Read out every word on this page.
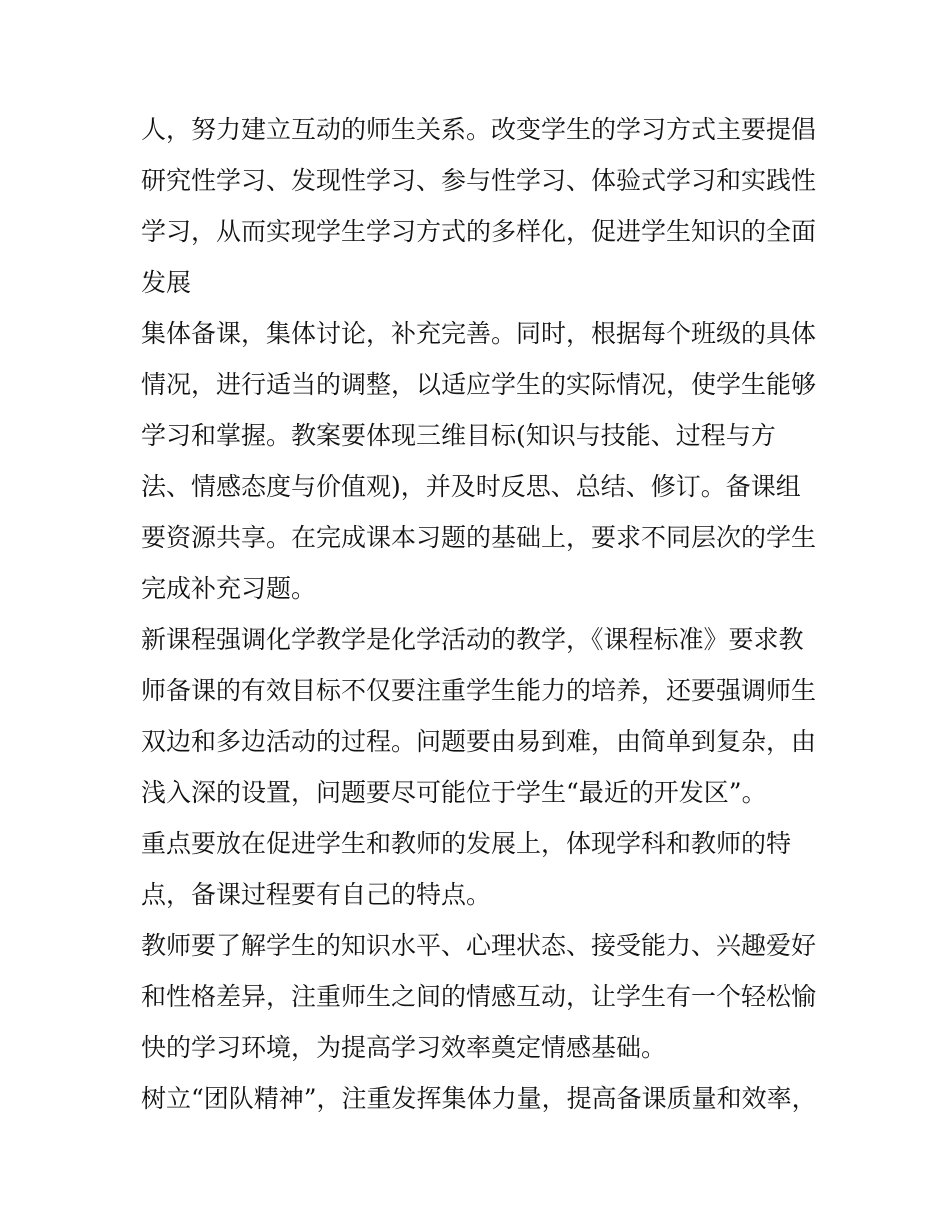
人，努力建立互动的师生关系。改变学生的学习方式主要提倡
研究性学习、发现性学习、参与性学习、体验式学习和实践性
学习，从而实现学生学习方式的多样化，促进学生知识的全面
发展
集体备课，集体讨论，补充完善。同时，根据每个班级的具体
情况，进行适当的调整，以适应学生的实际情况，使学生能够
学习和掌握。教案要体现三维目标(知识与技能、过程与方
法、情感态度与价值观)，并及时反思、总结、修订。备课组
要资源共享。在完成课本习题的基础上，要求不同层次的学生
完成补充习题。
新课程强调化学教学是化学活动的教学，《课程标准》要求教
师备课的有效目标不仅要注重学生能力的培养，还要强调师生
双边和多边活动的过程。问题要由易到难，由简单到复杂，由
浅入深的设置，问题要尽可能位于学生“最近的开发区”。
重点要放在促进学生和教师的发展上，体现学科和教师的特
点，备课过程要有自己的特点。
教师要了解学生的知识水平、心理状态、接受能力、兴趣爱好
和性格差异，注重师生之间的情感互动，让学生有一个轻松愉
快的学习环境，为提高学习效率奠定情感基础。
树立“团队精神”，注重发挥集体力量，提高备课质量和效率，
